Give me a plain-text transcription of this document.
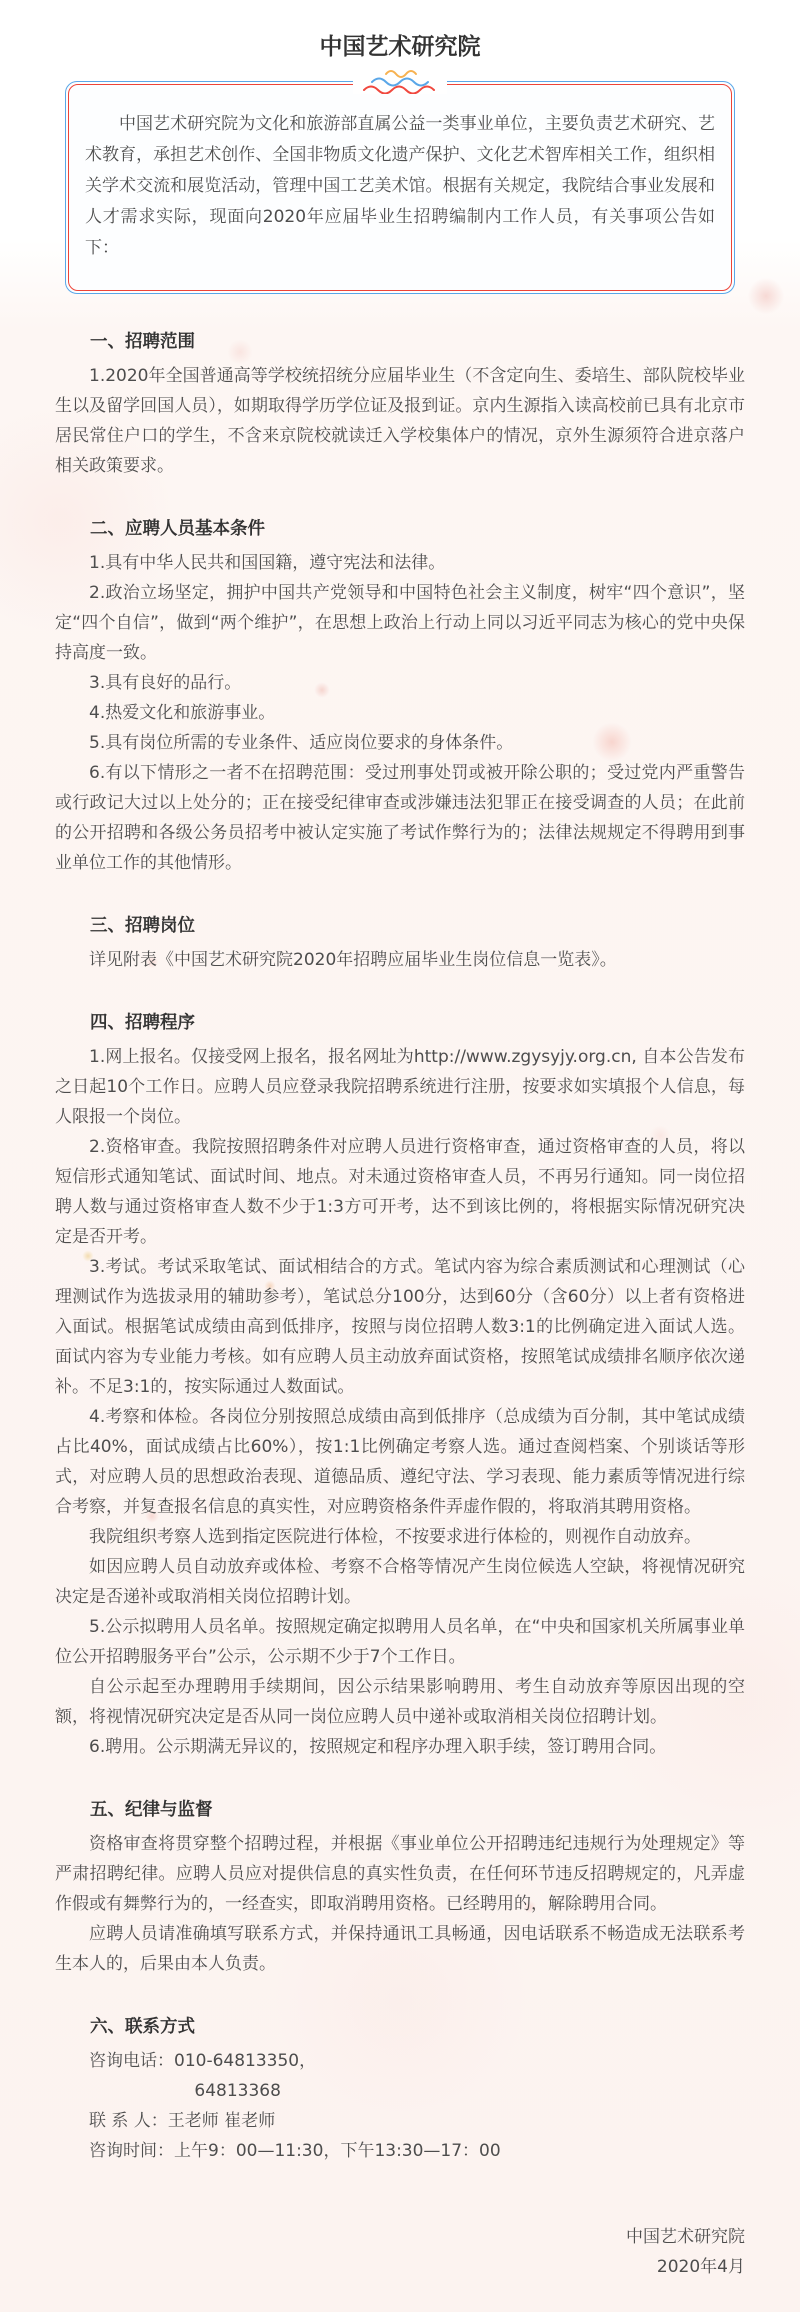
中国艺术研究院

中国艺术研究院为文化和旅游部直属公益一类事业单位，主要负责艺术研究、艺术教育，承担艺术创作、全国非物质文化遗产保护、文化艺术智库相关工作，组织相关学术交流和展览活动，管理中国工艺美术馆。根据有关规定，我院结合事业发展和人才需求实际，现面向2020年应届毕业生招聘编制内工作人员，有关事项公告如下：

一、招聘范围

1.2020年全国普通高等学校统招统分应届毕业生（不含定向生、委培生、部队院校毕业生以及留学回国人员），如期取得学历学位证及报到证。京内生源指入读高校前已具有北京市居民常住户口的学生，不含来京院校就读迁入学校集体户的情况，京外生源须符合进京落户相关政策要求。

二、应聘人员基本条件

1.具有中华人民共和国国籍，遵守宪法和法律。

2.政治立场坚定，拥护中国共产党领导和中国特色社会主义制度，树牢“四个意识”，坚定“四个自信”，做到“两个维护”，在思想上政治上行动上同以习近平同志为核心的党中央保持高度一致。

3.具有良好的品行。

4.热爱文化和旅游事业。

5.具有岗位所需的专业条件、适应岗位要求的身体条件。

6.有以下情形之一者不在招聘范围：受过刑事处罚或被开除公职的；受过党内严重警告或行政记大过以上处分的；正在接受纪律审查或涉嫌违法犯罪正在接受调查的人员；在此前的公开招聘和各级公务员招考中被认定实施了考试作弊行为的；法律法规规定不得聘用到事业单位工作的其他情形。

三、招聘岗位

详见附表《中国艺术研究院2020年招聘应届毕业生岗位信息一览表》。

四、招聘程序

1.网上报名。仅接受网上报名，报名网址为http://www.zgysyjy.org.cn, 自本公告发布之日起10个工作日。应聘人员应登录我院招聘系统进行注册，按要求如实填报个人信息，每人限报一个岗位。

2.资格审查。我院按照招聘条件对应聘人员进行资格审查，通过资格审查的人员，将以短信形式通知笔试、面试时间、地点。对未通过资格审查人员，不再另行通知。同一岗位招聘人数与通过资格审查人数不少于1:3方可开考，达不到该比例的，将根据实际情况研究决定是否开考。

3.考试。考试采取笔试、面试相结合的方式。笔试内容为综合素质测试和心理测试（心理测试作为选拔录用的辅助参考），笔试总分100分，达到60分（含60分）以上者有资格进入面试。根据笔试成绩由高到低排序，按照与岗位招聘人数3:1的比例确定进入面试人选。面试内容为专业能力考核。如有应聘人员主动放弃面试资格，按照笔试成绩排名顺序依次递补。不足3:1的，按实际通过人数面试。

4.考察和体检。各岗位分别按照总成绩由高到低排序（总成绩为百分制，其中笔试成绩占比40%，面试成绩占比60%），按1:1比例确定考察人选。通过查阅档案、个别谈话等形式，对应聘人员的思想政治表现、道德品质、遵纪守法、学习表现、能力素质等情况进行综合考察，并复查报名信息的真实性，对应聘资格条件弄虚作假的，将取消其聘用资格。

我院组织考察人选到指定医院进行体检，不按要求进行体检的，则视作自动放弃。

如因应聘人员自动放弃或体检、考察不合格等情况产生岗位候选人空缺，将视情况研究决定是否递补或取消相关岗位招聘计划。

5.公示拟聘用人员名单。按照规定确定拟聘用人员名单，在“中央和国家机关所属事业单位公开招聘服务平台”公示，公示期不少于7个工作日。

自公示起至办理聘用手续期间，因公示结果影响聘用、考生自动放弃等原因出现的空额，将视情况研究决定是否从同一岗位应聘人员中递补或取消相关岗位招聘计划。

6.聘用。公示期满无异议的，按照规定和程序办理入职手续，签订聘用合同。

五、纪律与监督

资格审查将贯穿整个招聘过程，并根据《事业单位公开招聘违纪违规行为处理规定》等严肃招聘纪律。应聘人员应对提供信息的真实性负责，在任何环节违反招聘规定的，凡弄虚作假或有舞弊行为的，一经查实，即取消聘用资格。已经聘用的，解除聘用合同。

应聘人员请准确填写联系方式，并保持通讯工具畅通，因电话联系不畅造成无法联系考生本人的，后果由本人负责。

六、联系方式

咨询电话：010-64813350，

64813368

联 系 人：王老师 崔老师

咨询时间：上午9：00—11:30，下午13:30—17：00

中国艺术研究院

2020年4月
